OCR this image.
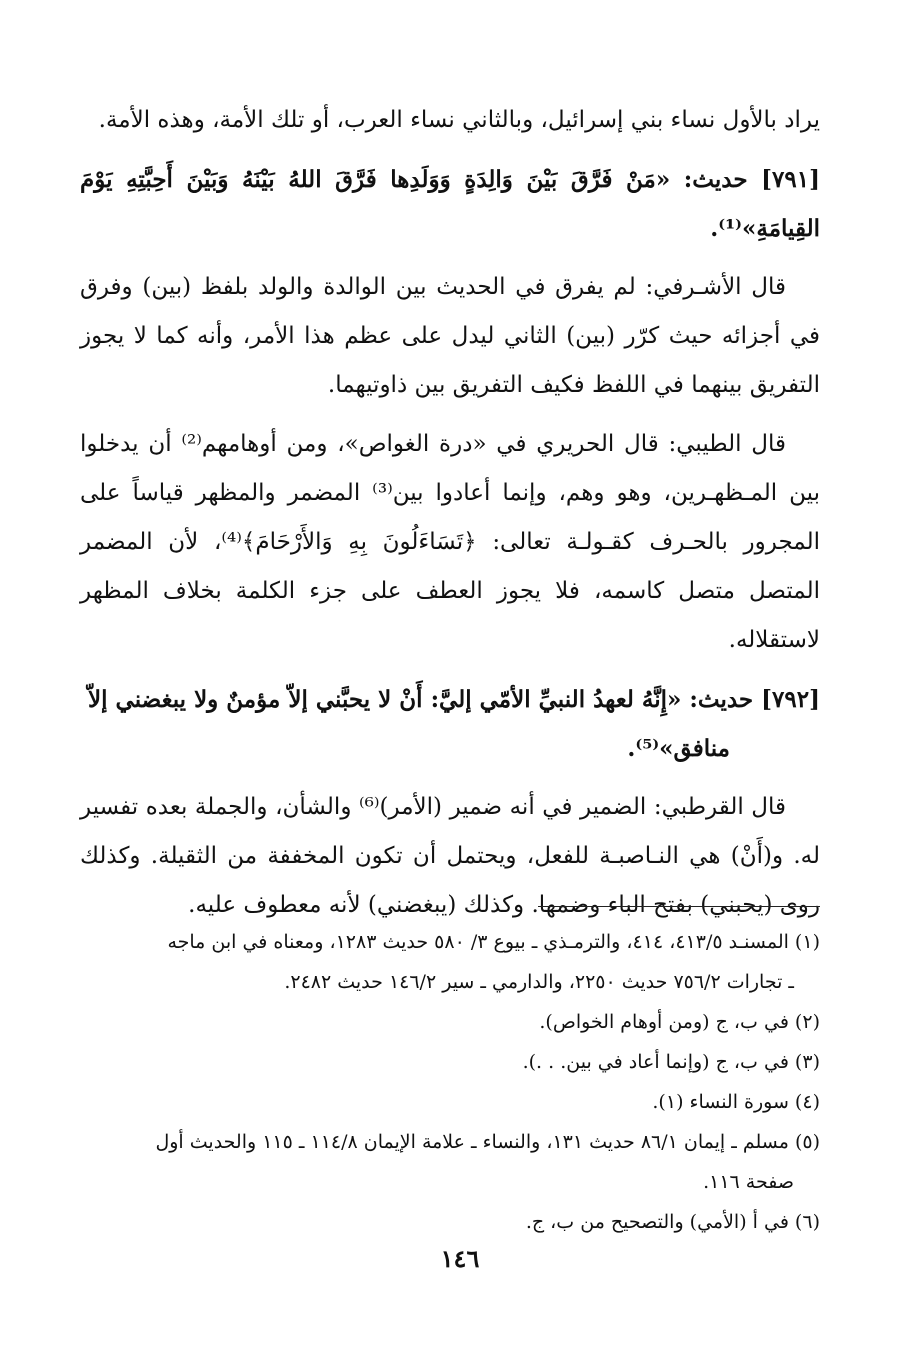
يراد بالأول نساء بني إسرائيل، وبالثاني نساء العرب، أو تلك الأمة، وهذه الأمة.

[٧٩١] حديث: «مَنْ فَرَّقَ بَيْنَ وَالِدَةٍ وَوَلَدِها فَرَّقَ اللهُ بَيْنَهُ وَبَيْنَ أَحِبَّتِهِ يَوْمَ القِيامَةِ»⁽¹⁾.

قال الأشـرفي: لم يفرق في الحديث بين الوالدة والولد بلفظ (بين) وفرق في أجزائه حيث كرّر (بين) الثاني ليدل على عظم هذا الأمر، وأنه كما لا يجوز التفريق بينهما في اللفظ فكيف التفريق بين ذاوتيهما.

قال الطيبي: قال الحريري في «درة الغواص»، ومن أوهامهم⁽²⁾ أن يدخلوا بين المـظهـرين، وهو وهم، وإنما أعادوا بين⁽³⁾ المضمر والمظهر قياساً على المجرور بالحـرف كقـولـة تعالى: ﴿تَسَاءَلُونَ بِهِ وَالأَرْحَامَ﴾⁽⁴⁾، لأن المضمر المتصل متصل كاسمه، فلا يجوز العطف على جزء الكلمة بخلاف المظهر لاستقلاله.

[٧٩٢] حديث: «إِنَّهُ لعهدُ النبيِّ الأمّي إليَّ: أَنْ لا يحبَّني إلاّ مؤمنٌ ولا يبغضني إلاّ

منافق»⁽⁵⁾.

قال القرطبي: الضمير في أنه ضمير (الأمر)⁽⁶⁾ والشأن، والجملة بعده تفسير له. و(أَنْ) هي النـاصبـة للفعل، ويحتمل أن تكون المخففة من الثقيلة. وكذلك روى (يحبني) بفتح الباء وضمها. وكذلك (يبغضني) لأنه معطوف عليه.

(١) المسنـد ٤١٣/٥، ٤١٤، والترمـذي ـ بيوع ٣/ ٥٨٠ حديث ١٢٨٣، ومعناه في ابن ماجه

ـ تجارات ٧٥٦/٢ حديث ٢٢٥٠، والدارمي ـ سير ١٤٦/٢ حديث ٢٤٨٢.

(٢) في ب، ج (ومن أوهام الخواص).

(٣) في ب، ج (وإنما أعاد في بين. . .).

(٤) سورة النساء (١).

(٥) مسلم ـ إيمان ٨٦/١ حديث ١٣١، والنساء ـ علامة الإيمان ١١٤/٨ ـ ١١٥ والحديث أول

صفحة ١١٦.

(٦) في أ (الأمي) والتصحيح من ب، ج.

١٤٦
